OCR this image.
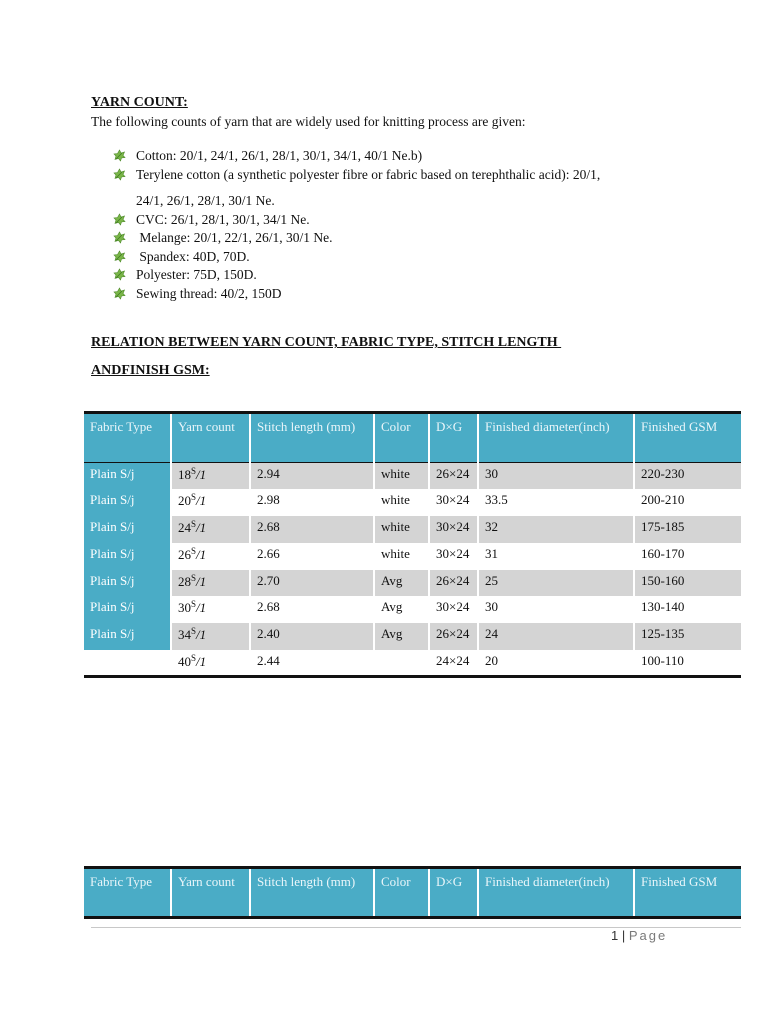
YARN COUNT:
The following counts of yarn that are widely used for knitting process are given:
Cotton: 20/1, 24/1, 26/1, 28/1, 30/1, 34/1, 40/1 Ne.b)
Terylene cotton (a synthetic polyester fibre or fabric based on terephthalic acid): 20/1,
24/1, 26/1, 28/1, 30/1 Ne.
CVC: 26/1, 28/1, 30/1, 34/1 Ne.
Melange: 20/1, 22/1, 26/1, 30/1 Ne.
Spandex: 40D, 70D.
Polyester: 75D, 150D.
Sewing thread: 40/2, 150D
RELATION BETWEEN YARN COUNT, FABRIC TYPE, STITCH LENGTH
ANDFINISH GSM:
Fabric Type	Yarn count	Stitch length (mm)	Color	D×G	Finished diameter(inch)	Finished GSM
Plain S/j	$18^S/1$	2.94	white	26×24	30	220-230
Plain S/j	$20^S/1$	2.98	white	30×24	33.5	200-210
Plain S/j	$24^S/1$	2.68	white	30×24	32	175-185
Plain S/j	$26^S/1$	2.66	white	30×24	31	160-170
Plain S/j	$28^S/1$	2.70	Avg	26×24	25	150-160
Plain S/j	$30^S/1$	2.68	Avg	30×24	30	130-140
Plain S/j	$34^S/1$	2.40	Avg	26×24	24	125-135
	$40^S/1$	2.44		24×24	20	100-110
Fabric Type	Yarn count	Stitch length (mm)	Color	D×G	Finished diameter(inch)	Finished GSM
1 | Page
